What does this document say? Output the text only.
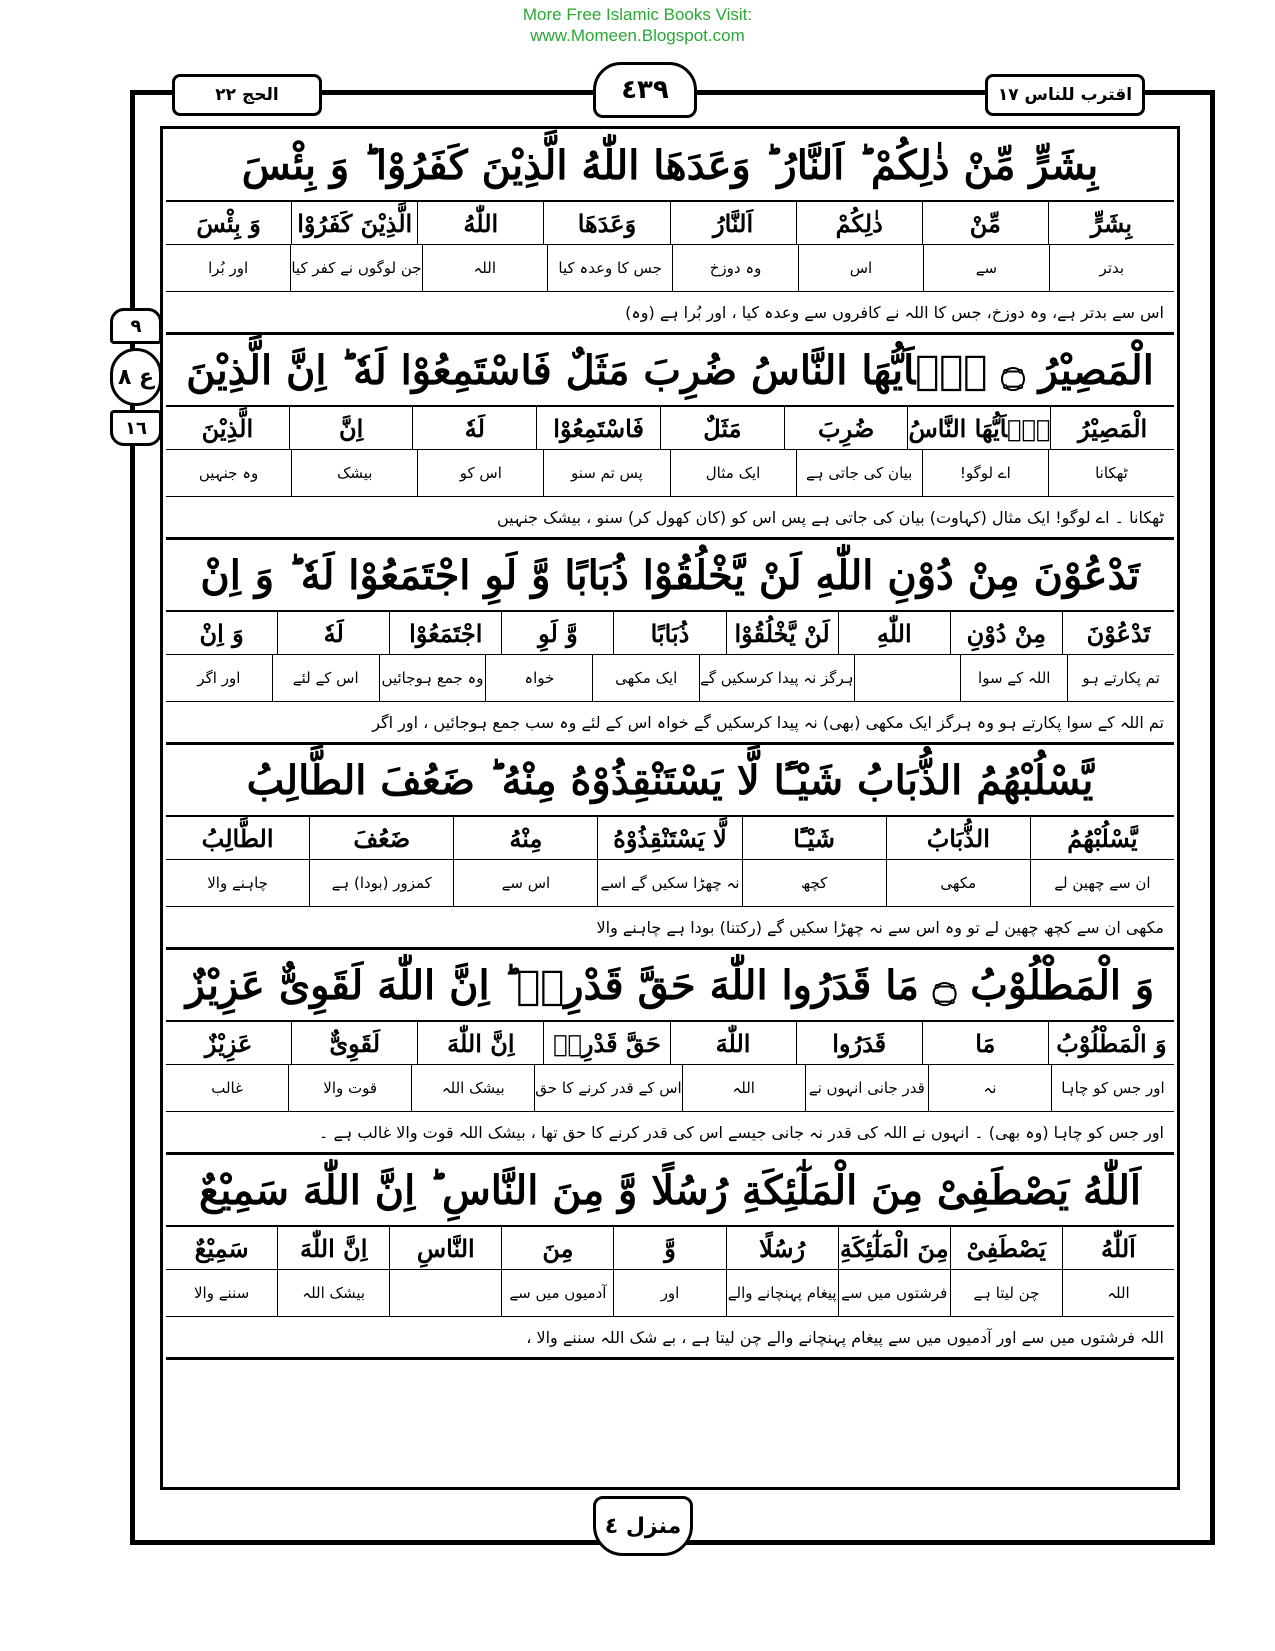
More Free Islamic Books Visit:
www.Momeen.Blogspot.com
الحج ٢٢	٤٣٩	اقترب للناس ١٧
٩
ع ٨
١٦
منزل ٤
بِشَرٍّ مِّنْ ذٰلِكُمْ ؕ اَلنَّارُ ؕ وَعَدَهَا اللّٰهُ الَّذِیْنَ كَفَرُوْا ؕ وَ بِئْسَ
بِشَرٍّ
مِّنْ
ذٰلِكُمْ
اَلنَّارُ
وَعَدَهَا
اللّٰهُ
الَّذِیْنَ كَفَرُوْا
وَ بِئْسَ
بدتر
سے
اس
وہ دوزخ
جس کا وعدہ کیا
اللہ
جن لوگوں نے کفر کیا
اور بُرا
اس سے بدتر ہے، وہ دوزخ، جس کا اللہ نے کافروں سے وعدہ کیا ، اور بُرا ہے (وہ)
الْمَصِیْرُ ۝ یٰۤاَیُّهَا النَّاسُ ضُرِبَ مَثَلٌ فَاسْتَمِعُوْا لَهٗ ؕ اِنَّ الَّذِیْنَ
الْمَصِیْرُ
یٰۤاَیُّهَا النَّاسُ
ضُرِبَ
مَثَلٌ
فَاسْتَمِعُوْا
لَهٗ
اِنَّ
الَّذِیْنَ
ٹھکانا
اے لوگو!
بیان کی جاتی ہے
ایک مثال
پس تم سنو
اس کو
بیشک
وہ جنہیں
ٹھکانا ۔ اے لوگو! ایک مثال (کہاوت) بیان کی جاتی ہے پس اس کو (کان کھول کر) سنو ، بیشک جنہیں
تَدْعُوْنَ مِنْ دُوْنِ اللّٰهِ لَنْ یَّخْلُقُوْا ذُبَابًا وَّ لَوِ اجْتَمَعُوْا لَهٗ ؕ وَ اِنْ
تَدْعُوْنَ
مِنْ دُوْنِ
اللّٰهِ
لَنْ یَّخْلُقُوْا
ذُبَابًا
وَّ لَوِ
اجْتَمَعُوْا
لَهٗ
وَ اِنْ
تم پکارتے ہو
اللہ کے سوا
ہرگز نہ پیدا کرسکیں گے
ایک مکھی
خواہ
وہ جمع ہوجائیں
اس کے لئے
اور اگر
تم اللہ کے سوا پکارتے ہو وہ ہرگز ایک مکھی (بھی) نہ پیدا کرسکیں گے خواہ اس کے لئے وہ سب جمع ہوجائیں ، اور اگر
یَّسْلُبْهُمُ الذُّبَابُ شَیْـًٔا لَّا یَسْتَنْقِذُوْهُ مِنْهُ ؕ ضَعُفَ الطَّالِبُ
یَّسْلُبْهُمُ
الذُّبَابُ
شَیْـًٔا
لَّا یَسْتَنْقِذُوْهُ
مِنْهُ
ضَعُفَ
الطَّالِبُ
ان سے چھین لے
مکھی
کچھ
نہ چھڑا سکیں گے اسے
اس سے
کمزور (بودا) ہے
چاہنے والا
مکھی ان سے کچھ چھین لے تو وہ اس سے نہ چھڑا سکیں گے (رکتنا) بودا ہے چاہنے والا
وَ الْمَطْلُوْبُ ۝ مَا قَدَرُوا اللّٰهَ حَقَّ قَدْرِهٖ ؕ اِنَّ اللّٰهَ لَقَوِیٌّ عَزِیْزٌ
وَ الْمَطْلُوْبُ
مَا
قَدَرُوا
اللّٰهَ
حَقَّ قَدْرِهٖ
اِنَّ اللّٰهَ
لَقَوِیٌّ
عَزِیْزٌ
اور جس کو چاہا
نہ
قدر جانی انہوں نے
اللہ
اس کے قدر کرنے کا حق
بیشک اللہ
قوت والا
غالب
اور جس کو چاہا (وہ بھی) ۔ انہوں نے اللہ کی قدر نہ جانی جیسے اس کی قدر کرنے کا حق تھا ، بیشک اللہ قوت والا غالب ہے ۔
اَللّٰهُ یَصْطَفِیْ مِنَ الْمَلٰٓئِكَةِ رُسُلًا وَّ مِنَ النَّاسِ ؕ اِنَّ اللّٰهَ سَمِیْعٌ
اَللّٰهُ
یَصْطَفِیْ
مِنَ الْمَلٰٓئِكَةِ
رُسُلًا
وَّ
مِنَ
النَّاسِ
اِنَّ اللّٰهَ
سَمِیْعٌ
اللہ
چن لیتا ہے
فرشتوں میں سے
پیغام پہنچانے والے
اور
آدمیوں میں سے
بیشک اللہ
سننے والا
اللہ فرشتوں میں سے اور آدمیوں میں سے پیغام پہنچانے والے چن لیتا ہے ، بے شک اللہ سننے والا ،
